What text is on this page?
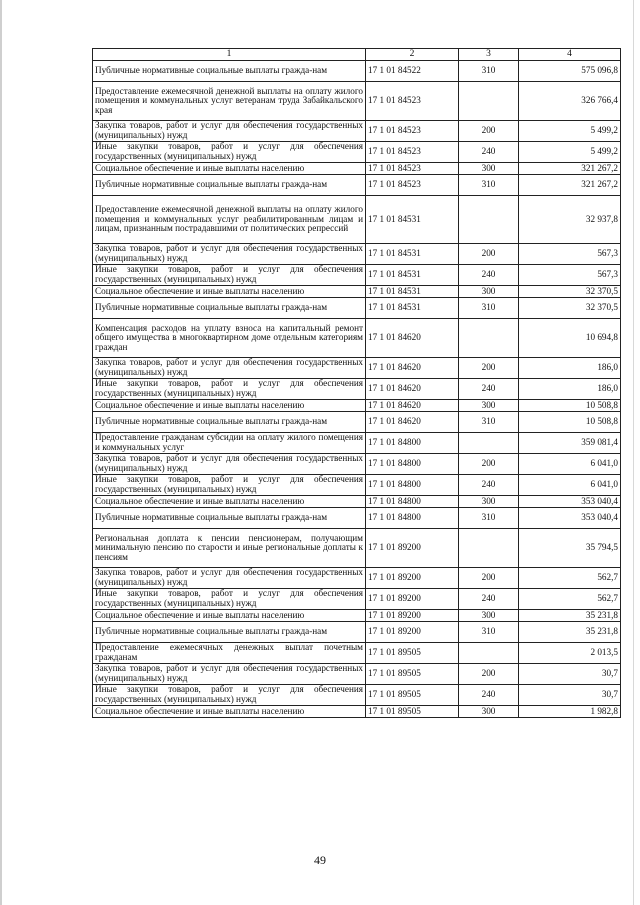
1	2	3	4
Публичные нормативные социальные выплаты гражда-нам	17 1 01 84522	310	575 096,8
Предоставление ежемесячной денежной выплаты на оплату жилого помещения и коммунальных услуг ветеранам труда Забайкальского края	17 1 01 84523		326 766,4
Закупка товаров, работ и услуг для обеспечения государственных (муниципальных) нужд	17 1 01 84523	200	5 499,2
Иные закупки товаров, работ и услуг для обеспечения государственных (муниципальных) нужд	17 1 01 84523	240	5 499,2
Социальное обеспечение и иные выплаты населению	17 1 01 84523	300	321 267,2
Публичные нормативные социальные выплаты гражда-нам	17 1 01 84523	310	321 267,2
Предоставление ежемесячной денежной выплаты на оплату жилого помещения и коммунальных услуг реабилитированным лицам и лицам, признанным пострадавшими от политических репрессий	17 1 01 84531		32 937,8
Закупка товаров, работ и услуг для обеспечения государственных (муниципальных) нужд	17 1 01 84531	200	567,3
Иные закупки товаров, работ и услуг для обеспечения государственных (муниципальных) нужд	17 1 01 84531	240	567,3
Социальное обеспечение и иные выплаты населению	17 1 01 84531	300	32 370,5
Публичные нормативные социальные выплаты гражда-нам	17 1 01 84531	310	32 370,5
Компенсация расходов на уплату взноса на капитальный ремонт общего имущества в многоквартирном доме отдельным категориям граждан	17 1 01 84620		10 694,8
Закупка товаров, работ и услуг для обеспечения государственных (муниципальных) нужд	17 1 01 84620	200	186,0
Иные закупки товаров, работ и услуг для обеспечения государственных (муниципальных) нужд	17 1 01 84620	240	186,0
Социальное обеспечение и иные выплаты населению	17 1 01 84620	300	10 508,8
Публичные нормативные социальные выплаты гражда-нам	17 1 01 84620	310	10 508,8
Предоставление гражданам субсидии на оплату жилого помещения и коммунальных услуг	17 1 01 84800		359 081,4
Закупка товаров, работ и услуг для обеспечения государственных (муниципальных) нужд	17 1 01 84800	200	6 041,0
Иные закупки товаров, работ и услуг для обеспечения государственных (муниципальных) нужд	17 1 01 84800	240	6 041,0
Социальное обеспечение и иные выплаты населению	17 1 01 84800	300	353 040,4
Публичные нормативные социальные выплаты гражда-нам	17 1 01 84800	310	353 040,4
Региональная доплата к пенсии пенсионерам, получающим минимальную пенсию по старости и иные региональные доплаты к пенсиям	17 1 01 89200		35 794,5
Закупка товаров, работ и услуг для обеспечения государственных (муниципальных) нужд	17 1 01 89200	200	562,7
Иные закупки товаров, работ и услуг для обеспечения государственных (муниципальных) нужд	17 1 01 89200	240	562,7
Социальное обеспечение и иные выплаты населению	17 1 01 89200	300	35 231,8
Публичные нормативные социальные выплаты гражда-нам	17 1 01 89200	310	35 231,8
Предоставление ежемесячных денежных выплат почетным гражданам	17 1 01 89505		2 013,5
Закупка товаров, работ и услуг для обеспечения государственных (муниципальных) нужд	17 1 01 89505	200	30,7
Иные закупки товаров, работ и услуг для обеспечения государственных (муниципальных) нужд	17 1 01 89505	240	30,7
Социальное обеспечение и иные выплаты населению	17 1 01 89505	300	1 982,8
49
